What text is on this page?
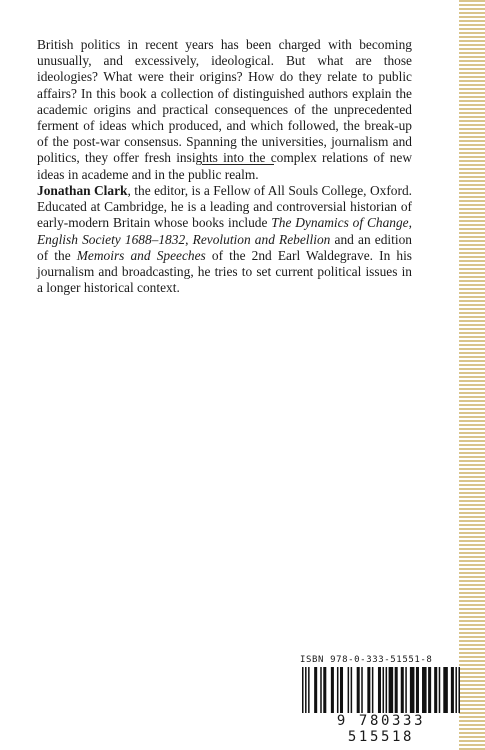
British politics in recent years has been charged with becoming unusually, and excessively, ideological. But what are those ideologies? What were their origins? How do they relate to public affairs? In this book a collection of distinguished authors explain the academic origins and practical consequences of the unprecedented ferment of ideas which produced, and which followed, the break-up of the post-war consensus. Spanning the universities, journalism and politics, they offer fresh insights into the complex relations of new ideas in academe and in the public realm.

Jonathan Clark, the editor, is a Fellow of All Souls College, Oxford. Educated at Cambridge, he is a leading and controversial historian of early-modern Britain whose books include The Dynamics of Change, English Society 1688–1832, Revolution and Rebellion and an edition of the Memoirs and Speeches of the 2nd Earl Waldegrave. In his journalism and broadcasting, he tries to set current political issues in a longer historical context.

ISBN 978-0-333-51551-8
9 780333 515518
